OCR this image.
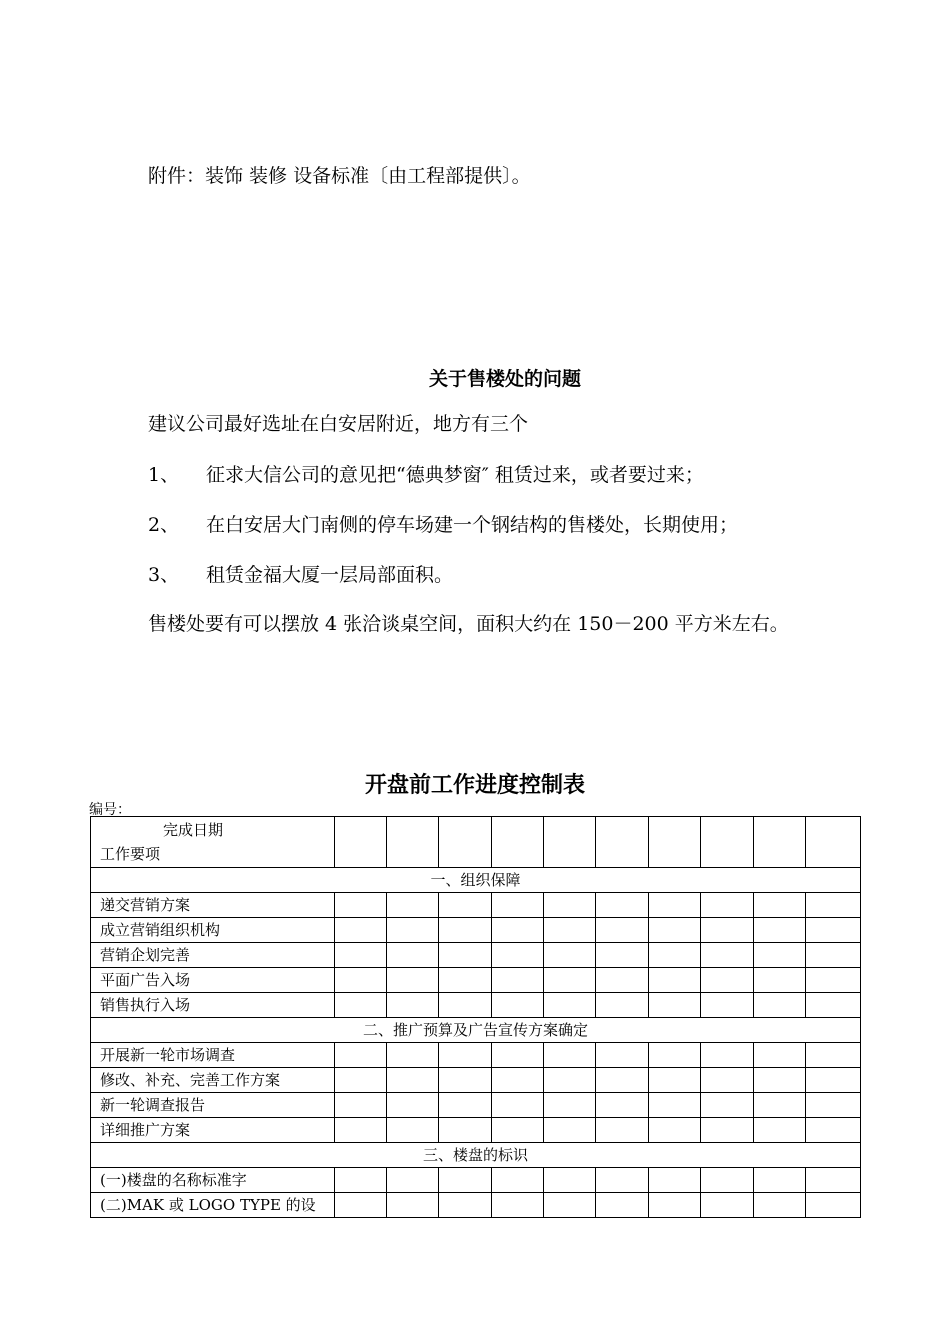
附件：装饰 装修 设备标准〔由工程部提供〕。
关于售楼处的问题
建议公司最好选址在白安居附近，地方有三个
1、 征求大信公司的意见把“德典梦窗″ 租赁过来，或者要过来；
2、 在白安居大门南侧的停车场建一个钢结构的售楼处，长期使用；
3、 租赁金福大厦一层局部面积。
售楼处要有可以摆放 4 张洽谈桌空间，面积大约在 150－200 平方米左右。
开盘前工作进度控制表
编号：
完成日期
工作要项										

一、组织保障										
递交营销方案										
成立营销组织机构										
营销企划完善										
平面广告入场										
销售执行入场										
二、推广预算及广告宣传方案确定										
开展新一轮市场调查										
修改、补充、完善工作方案										
新一轮调查报告										
详细推广方案										
三、楼盘的标识										
(一)楼盘的名称标准字										
(二)MAK 或 LOGO TYPE 的设										
